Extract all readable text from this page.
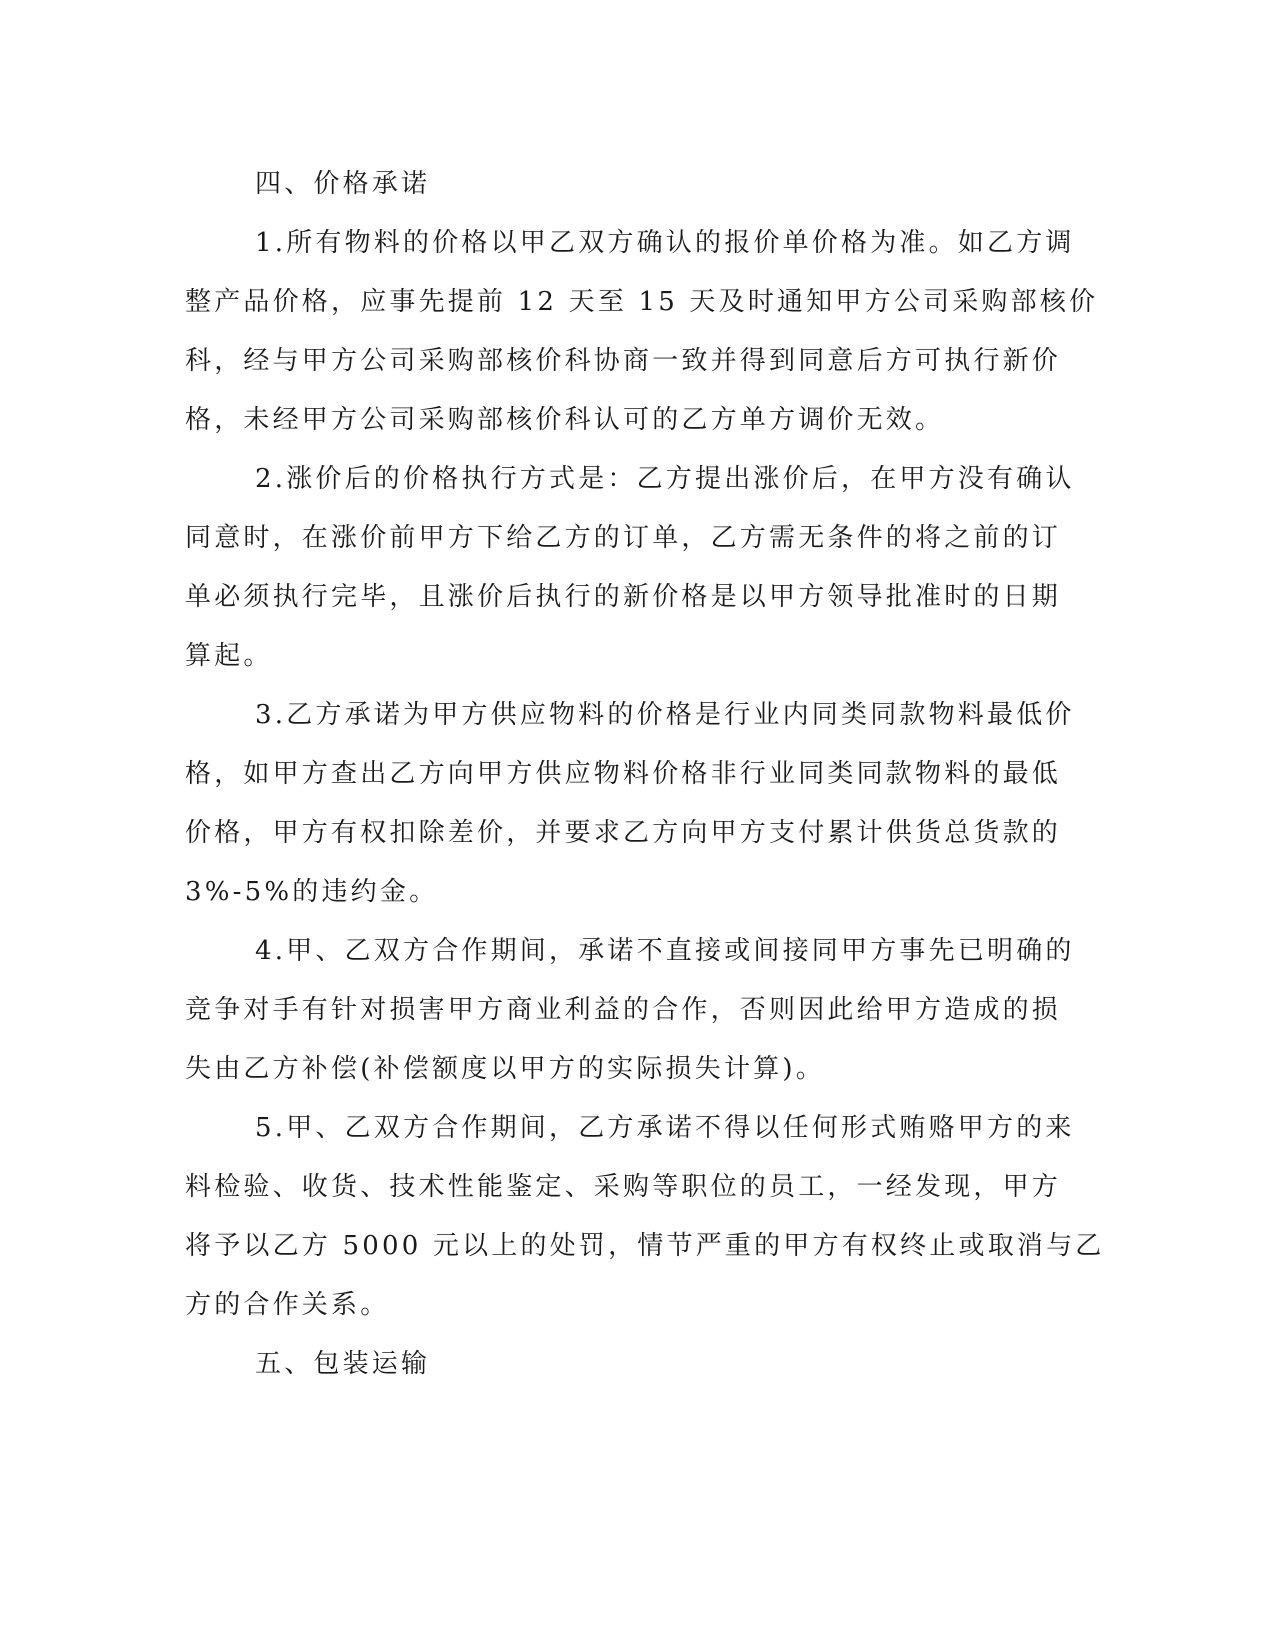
四、价格承诺
1.所有物料的价格以甲乙双方确认的报价单价格为准。如乙方调
整产品价格，应事先提前 12 天至 15 天及时通知甲方公司采购部核价
科，经与甲方公司采购部核价科协商一致并得到同意后方可执行新价
格，未经甲方公司采购部核价科认可的乙方单方调价无效。
2.涨价后的价格执行方式是：乙方提出涨价后，在甲方没有确认
同意时，在涨价前甲方下给乙方的订单，乙方需无条件的将之前的订
单必须执行完毕，且涨价后执行的新价格是以甲方领导批准时的日期
算起。
3.乙方承诺为甲方供应物料的价格是行业内同类同款物料最低价
格，如甲方查出乙方向甲方供应物料价格非行业同类同款物料的最低
价格，甲方有权扣除差价，并要求乙方向甲方支付累计供货总货款的
3%-5%的违约金。
4.甲、乙双方合作期间，承诺不直接或间接同甲方事先已明确的
竞争对手有针对损害甲方商业利益的合作，否则因此给甲方造成的损
失由乙方补偿(补偿额度以甲方的实际损失计算)。
5.甲、乙双方合作期间，乙方承诺不得以任何形式贿赂甲方的来
料检验、收货、技术性能鉴定、采购等职位的员工，一经发现，甲方
将予以乙方 5000 元以上的处罚，情节严重的甲方有权终止或取消与乙
方的合作关系。
五、包装运输
